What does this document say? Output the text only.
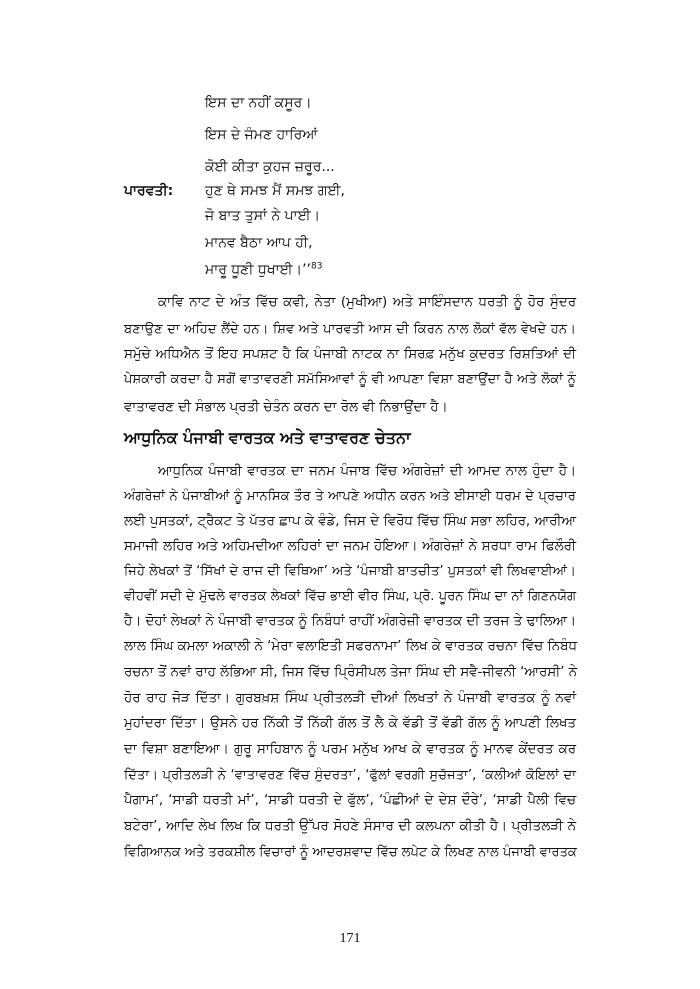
ਇਸ ਦਾ ਨਹੀਂ ਕਸੂਰ।
ਇਸ ਦੇ ਜੰਮਣ ਹਾਰਿਆਂ
ਕੋਈ ਕੀਤਾ ਕੁਹਜ ਜ਼ਰੂਰ...
ਪਾਰਵਤੀ: ਹੁਣ ਥੇ ਸਮਝ ਮੈਂ ਸਮਝ ਗਈ,
ਜੋ ਬਾਤ ਤੁਸਾਂ ਨੇ ਪਾਈ।
ਮਾਨਵ ਬੈਠਾ ਆਪ ਹੀ,
ਮਾਰੂ ਧੂਣੀ ਧੁਖਾਈ।’’$^{83}$
ਕਾਵਿ ਨਾਟ ਦੇ ਅੰਤ ਵਿੱਚ ਕਵੀ, ਨੇਤਾ (ਮੁਖੀਆ) ਅਤੇ ਸਾਇੰਸਦਾਨ ਧਰਤੀ ਨੂੰ ਹੋਰ ਸੁੰਦਰ
ਬਣਾਉਣ ਦਾ ਅਹਿਦ ਲੈਂਦੇ ਹਨ। ਸ਼ਿਵ ਅਤੇ ਪਾਰਵਤੀ ਆਸ ਦੀ ਕਿਰਨ ਨਾਲ ਲੋਕਾਂ ਵੱਲ ਵੇਖਦੇ ਹਨ।
ਸਮੁੱਚੇ ਅਧਿਐਨ ਤੋਂ ਇਹ ਸਪਸ਼ਟ ਹੈ ਕਿ ਪੰਜਾਬੀ ਨਾਟਕ ਨਾ ਸਿਰਫ਼ ਮਨੁੱਖ ਕੁਦਰਤ ਰਿਸ਼ਤਿਆਂ ਦੀ
ਪੇਸ਼ਕਾਰੀ ਕਰਦਾ ਹੈ ਸਗੋਂ ਵਾਤਾਵਰਣੀ ਸਮੱਸਿਆਵਾਂ ਨੂੰ ਵੀ ਆਪਣਾ ਵਿਸ਼ਾ ਬਣਾਉਂਦਾ ਹੈ ਅਤੇ ਲੋਕਾਂ ਨੂੰ
ਆਧੁਨਿਕ ਪੰਜਾਬੀ ਵਾਰਤਕ ਅਤੇ ਵਾਤਾਵਰਣ ਚੇਤਨਾ
ਵਾਤਾਵਰਣ ਦੀ ਸੰਭਾਲ ਪ੍ਰਤੀ ਚੇਤੰਨ ਕਰਨ ਦਾ ਰੋਲ ਵੀ ਨਿਭਾਉਂਦਾ ਹੈ।
ਆਧੁਨਿਕ ਪੰਜਾਬੀ ਵਾਰਤਕ ਦਾ ਜਨਮ ਪੰਜਾਬ ਵਿੱਚ ਅੰਗਰੇਜ਼ਾਂ ਦੀ ਆਮਦ ਨਾਲ ਹੁੰਦਾ ਹੈ।
ਅੰਗਰੇਜ਼ਾਂ ਨੇ ਪੰਜਾਬੀਆਂ ਨੂੰ ਮਾਨਸਿਕ ਤੌਰ ਤੇ ਆਪਣੇ ਅਧੀਨ ਕਰਨ ਅਤੇ ਈਸਾਈ ਧਰਮ ਦੇ ਪ੍ਰਚਾਰ
ਲਈ ਪੁਸਤਕਾਂ, ਟ੍ਰੈਕਟ ਤੇ ਪੱਤਰ ਛਾਪ ਕੇ ਵੰਡੇ, ਜਿਸ ਦੇ ਵਿਰੋਧ ਵਿੱਚ ਸਿੰਘ ਸਭਾ ਲਹਿਰ, ਆਰੀਆ
ਸਮਾਜੀ ਲਹਿਰ ਅਤੇ ਅਹਿਮਦੀਆ ਲਹਿਰਾਂ ਦਾ ਜਨਮ ਹੋਇਆ। ਅੰਗਰੇਜ਼ਾਂ ਨੇ ਸ਼ਰਧਾ ਰਾਮ ਫਿਲੌਰੀ
ਜਿਹੇ ਲੇਖਕਾਂ ਤੋਂ ‘ਸਿੱਖਾਂ ਦੇ ਰਾਜ ਦੀ ਵਿਥਿਆ’ ਅਤੇ ‘ਪੰਜਾਬੀ ਬਾਤਚੀਤ’ ਪੁਸਤਕਾਂ ਵੀ ਲਿਖਵਾਈਆਂ।
ਵੀਹਵੀਂ ਸਦੀ ਦੇ ਮੁੱਢਲੇ ਵਾਰਤਕ ਲੇਖਕਾਂ ਵਿੱਚ ਭਾਈ ਵੀਰ ਸਿੰਘ, ਪ੍ਰੋ. ਪੂਰਨ ਸਿੰਘ ਦਾ ਨਾਂ ਗਿਣਨਯੋਗ
ਹੈ। ਦੋਹਾਂ ਲੇਖਕਾਂ ਨੇ ਪੰਜਾਬੀ ਵਾਰਤਕ ਨੂੰ ਨਿਬੰਧਾਂ ਰਾਹੀਂ ਅੰਗਰੇਜ਼ੀ ਵਾਰਤਕ ਦੀ ਤਰਜ ਤੇ ਢਾਲਿਆ।
ਲਾਲ ਸਿੰਘ ਕਮਲਾ ਅਕਾਲੀ ਨੇ ‘ਮੇਰਾ ਵਲਾਇਤੀ ਸਫਰਨਾਮਾ’ ਲਿਖ ਕੇ ਵਾਰਤਕ ਰਚਨਾ ਵਿੱਚ ਨਿਬੰਧ
ਰਚਨਾ ਤੋਂ ਨਵਾਂ ਰਾਹ ਲੱਭਿਆ ਸੀ, ਜਿਸ ਵਿੱਚ ਪ੍ਰਿੰਸੀਪਲ ਤੇਜਾ ਸਿੰਘ ਦੀ ਸਵੈ-ਜੀਵਨੀ ‘ਆਰਸੀ’ ਨੇ
ਹੋਰ ਰਾਹ ਜੋੜ ਦਿੱਤਾ। ਗੁਰਬਖ਼ਸ਼ ਸਿੰਘ ਪ੍ਰੀਤਲੜੀ ਦੀਆਂ ਲਿਖਤਾਂ ਨੇ ਪੰਜਾਬੀ ਵਾਰਤਕ ਨੂੰ ਨਵਾਂ
ਮੁਹਾਂਦਰਾ ਦਿੱਤਾ। ਉਸਨੇ ਹਰ ਨਿੱਕੀ ਤੋਂ ਨਿੱਕੀ ਗੱਲ ਤੋਂ ਲੈ ਕੇ ਵੱਡੀ ਤੋਂ ਵੱਡੀ ਗੱਲ ਨੂੰ ਆਪਣੀ ਲਿਖਤ
ਦਾ ਵਿਸ਼ਾ ਬਣਾਇਆ। ਗੁਰੂ ਸਾਹਿਬਾਨ ਨੂੰ ਪਰਮ ਮਨੁੱਖ ਆਖ ਕੇ ਵਾਰਤਕ ਨੂੰ ਮਾਨਵ ਕੇਂਦਰਤ ਕਰ
ਦਿੱਤਾ। ਪ੍ਰੀਤਲੜੀ ਨੇ ‘ਵਾਤਾਵਰਣ ਵਿੱਚ ਸੁੰਦਰਤਾ’, ‘ਫੁੱਲਾਂ ਵਰਗੀ ਸੁਚੱਜਤਾ’, ‘ਕਲੀਆਂ ਕੋਇਲਾਂ ਦਾ
ਪੈਗਾਮ’, ‘ਸਾਡੀ ਧਰਤੀ ਮਾਂ’, ‘ਸਾਡੀ ਧਰਤੀ ਦੇ ਫੁੱਲ’, ‘ਪੰਛੀਆਂ ਦੇ ਦੇਸ਼ ਦੌਰੇ’, ‘ਸਾਡੀ ਪੈਲੀ ਵਿਚ
ਬਟੇਰਾ’, ਆਦਿ ਲੇਖ ਲਿਖ ਕਿ ਧਰਤੀ ਉੱਪਰ ਸੋਹਣੇ ਸੰਸਾਰ ਦੀ ਕਲਪਨਾ ਕੀਤੀ ਹੈ। ਪ੍ਰੀਤਲੜੀ ਨੇ
ਵਿਗਿਆਨਕ ਅਤੇ ਤਰਕਸ਼ੀਲ ਵਿਚਾਰਾਂ ਨੂੰ ਆਦਰਸ਼ਵਾਦ ਵਿੱਚ ਲਪੇਟ ਕੇ ਲਿਖਣ ਨਾਲ ਪੰਜਾਬੀ ਵਾਰਤਕ
171
